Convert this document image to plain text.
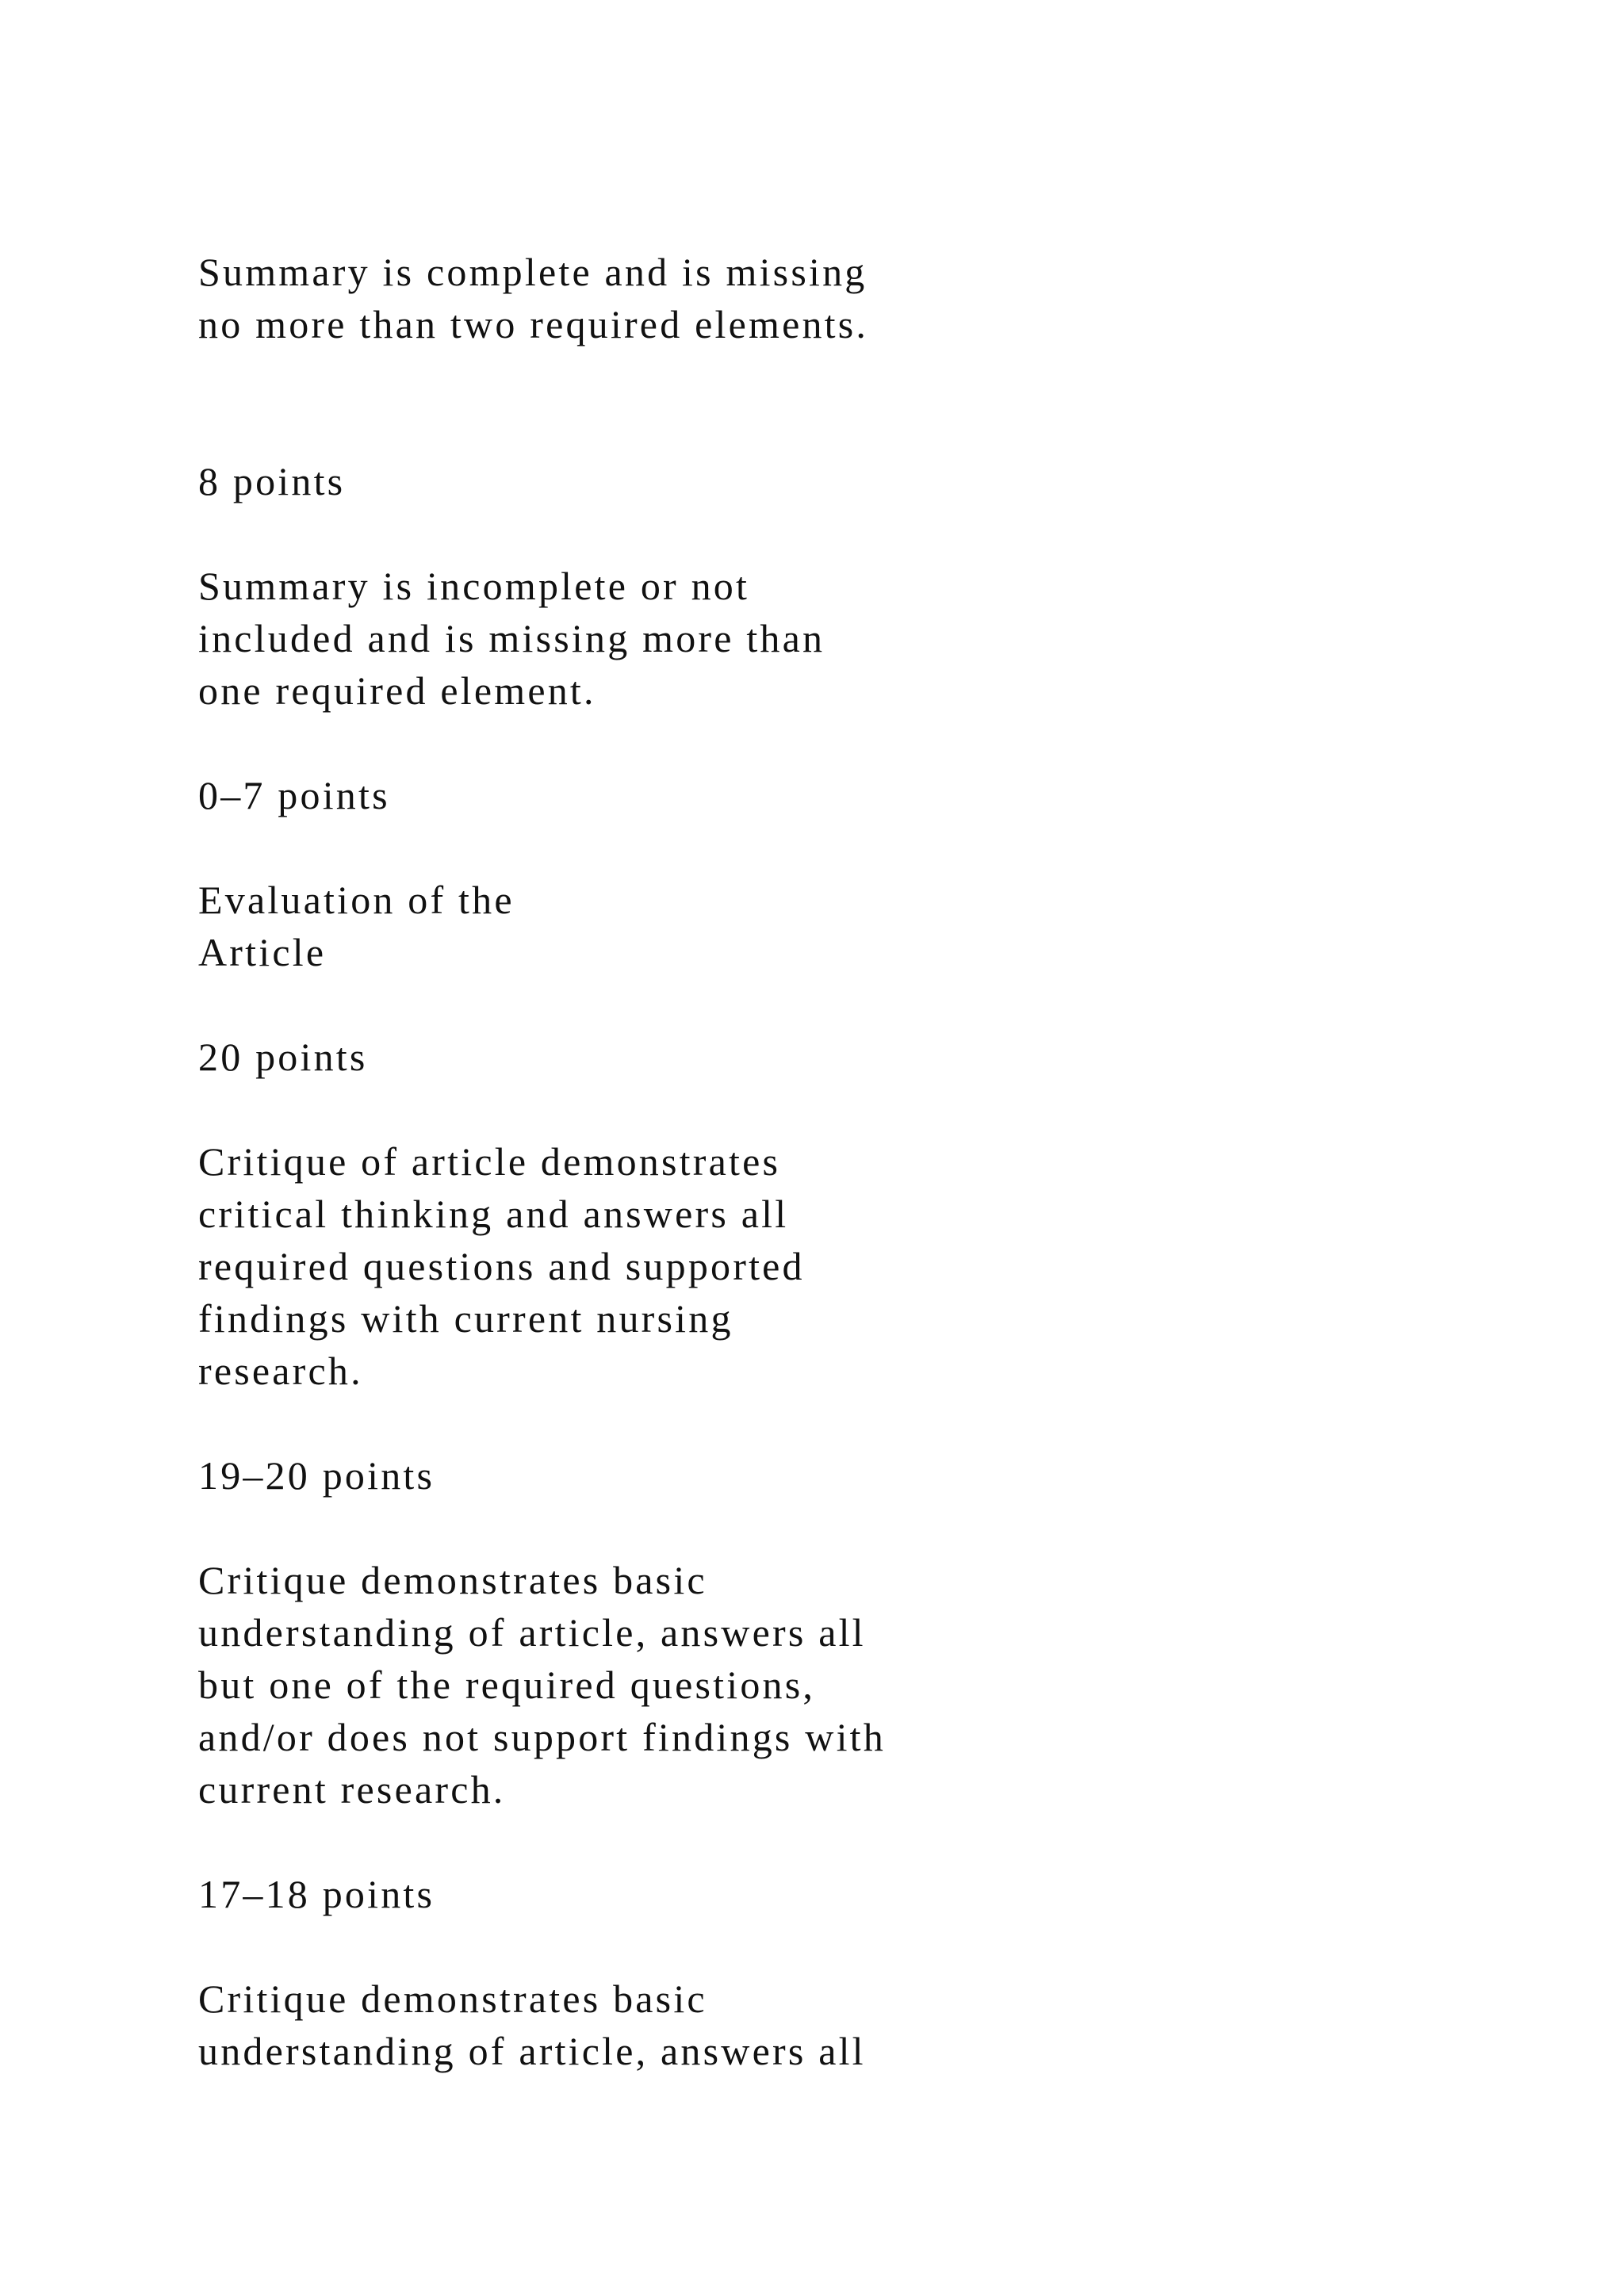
Summary is complete and is missing
no more than two required elements.

8 points

Summary is incomplete or not
included and is missing more than
one required element.

0–7 points

Evaluation of the
Article

20 points

Critique of article demonstrates
critical thinking and answers all
required questions and supported
findings with current nursing
research.

19–20 points

Critique demonstrates basic
understanding of article, answers all
but one of the required questions,
and/or does not support findings with
current research.

17–18 points

Critique demonstrates basic
understanding of article, answers all
